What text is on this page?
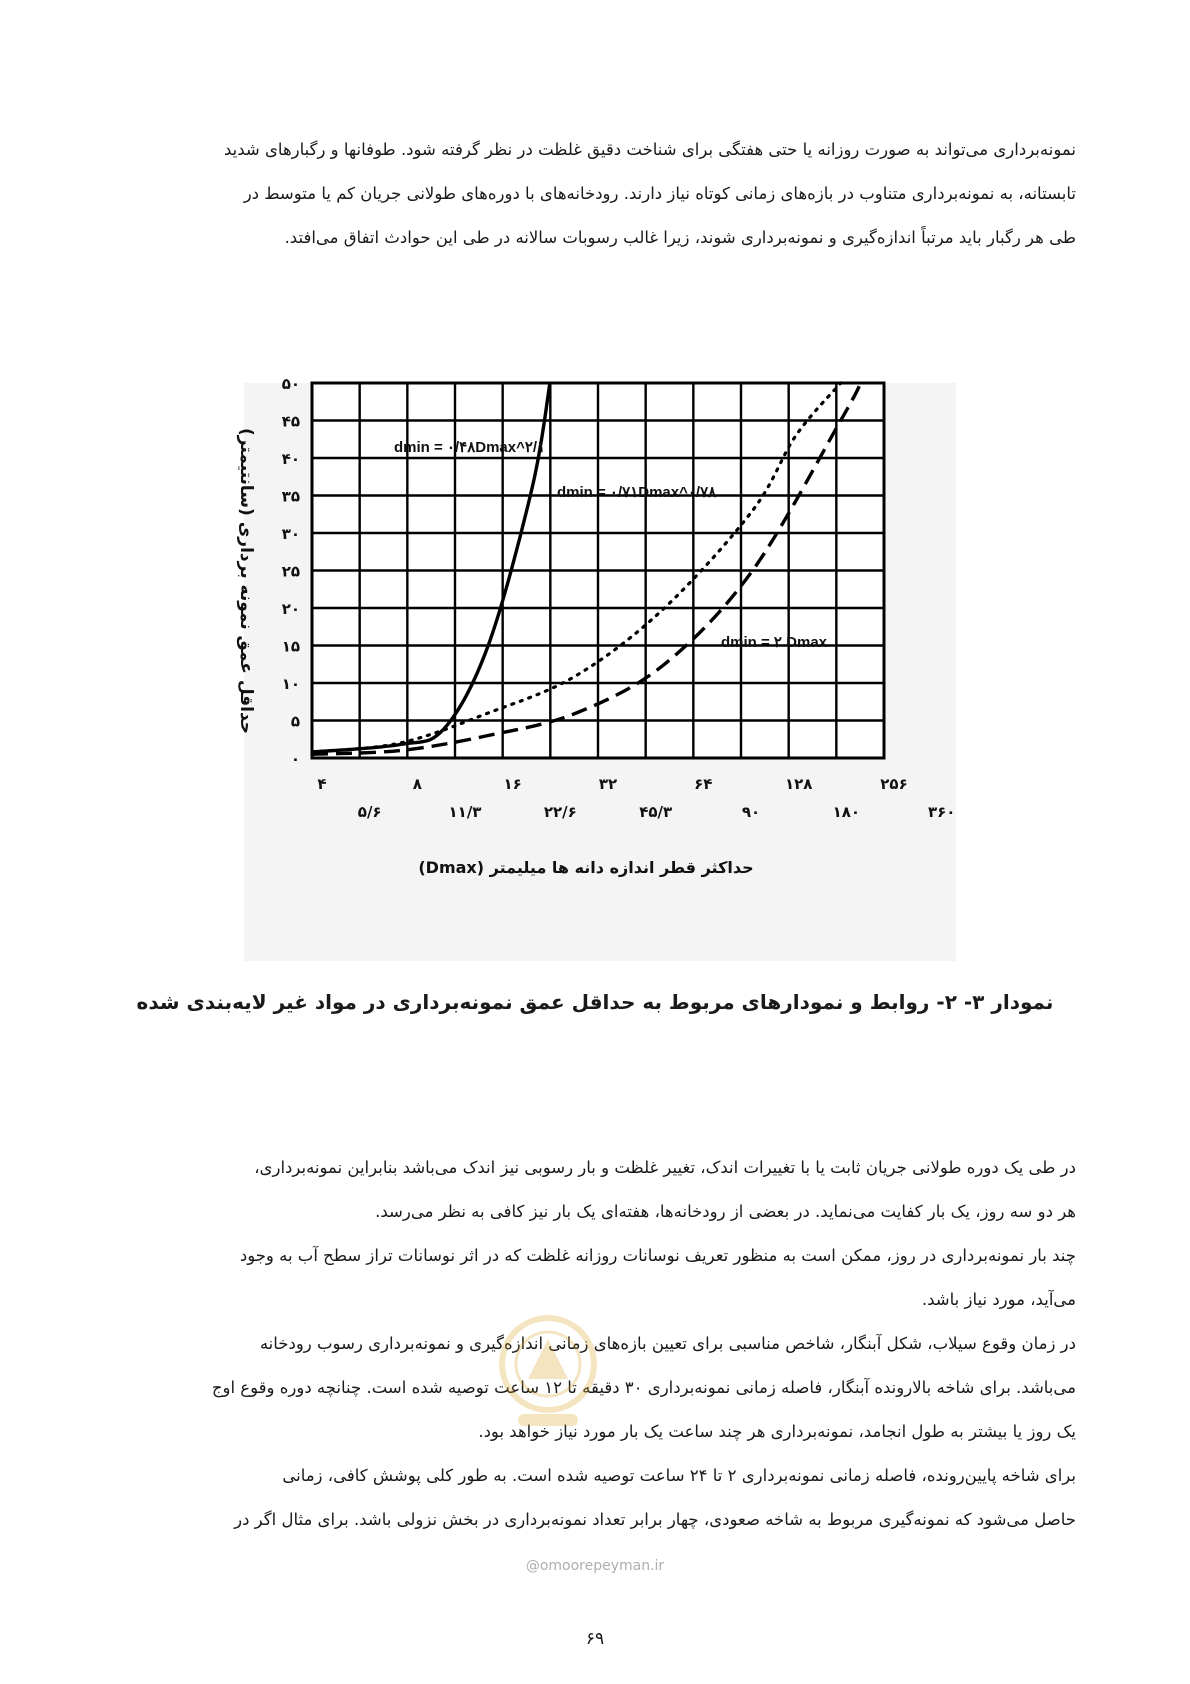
نمونه‌برداری می‌تواند به صورت روزانه یا حتی هفتگی برای شناخت دقیق غلظت در نظر گرفته شود. طوفانها و رگبارهای شدید
تابستانه، به نمونه‌برداری متناوب در بازه‌های زمانی کوتاه نیاز دارند. رودخانه‌های با دوره‌های طولانی جریان کم یا متوسط در
طی هر رگبار باید مرتباً اندازه‌گیری و نمونه‌برداری شوند، زیرا غالب رسوبات سالانه در طی این حوادث اتفاق می‌افتد.
۵۰
۴۵
۴۰
۳۵
۳۰
۲۵
۲۰
۱۵
۱۰
۵
۰
۴	۸	۱۶	۳۲	۶۴	۱۲۸	۲۵۶
۵/۶	۱۱/۳	۲۲/۶	۴۵/۳	۹۰	۱۸۰	۳۶۰
dmin = ۰/۴۸Dmax^۲/۱
dmin = ۰/۷۱Dmax^۰/۷۸
dmin = ۲ Dmax
حداقل عمق نمونه برداری (سانتیمتر)
حداکثر قطر اندازه دانه ها میلیمتر (Dmax)
نمودار ۳- ۲- روابط و نمودارهای مربوط به حداقل عمق نمونه‌برداری در مواد غیر لایه‌بندی شده
در طی یک دوره طولانی جریان ثابت یا با تغییرات اندک، تغییر غلظت و بار رسوبی نیز اندک می‌باشد بنابراین نمونه‌برداری،
هر دو سه روز، یک بار کفایت می‌نماید. در بعضی از رودخانه‌ها، هفته‌ای یک بار نیز کافی به نظر می‌رسد.
چند بار نمونه‌برداری در روز، ممکن است به منظور تعریف نوسانات روزانه غلظت که در اثر نوسانات تراز سطح آب به وجود
می‌آید، مورد نیاز باشد.
در زمان وقوع سیلاب، شکل آبنگار، شاخص مناسبی برای تعیین بازه‌های زمانی اندازه‌گیری و نمونه‌برداری رسوب رودخانه
می‌باشد. برای شاخه بالارونده آبنگار، فاصله زمانی نمونه‌برداری ۳۰ دقیقه تا ۱۲ ساعت توصیه شده است. چنانچه دوره وقوع اوج
یک روز یا بیشتر به طول انجامد، نمونه‌برداری هر چند ساعت یک بار مورد نیاز خواهد بود.
برای شاخه پایین‌رونده، فاصله زمانی نمونه‌برداری ۲ تا ۲۴ ساعت توصیه شده است. به طور کلی پوشش کافی، زمانی
حاصل می‌شود که نمونه‌گیری مربوط به شاخه صعودی، چهار برابر تعداد نمونه‌برداری در بخش نزولی باشد. برای مثال اگر در
@omoorepeyman.ir
۶۹
